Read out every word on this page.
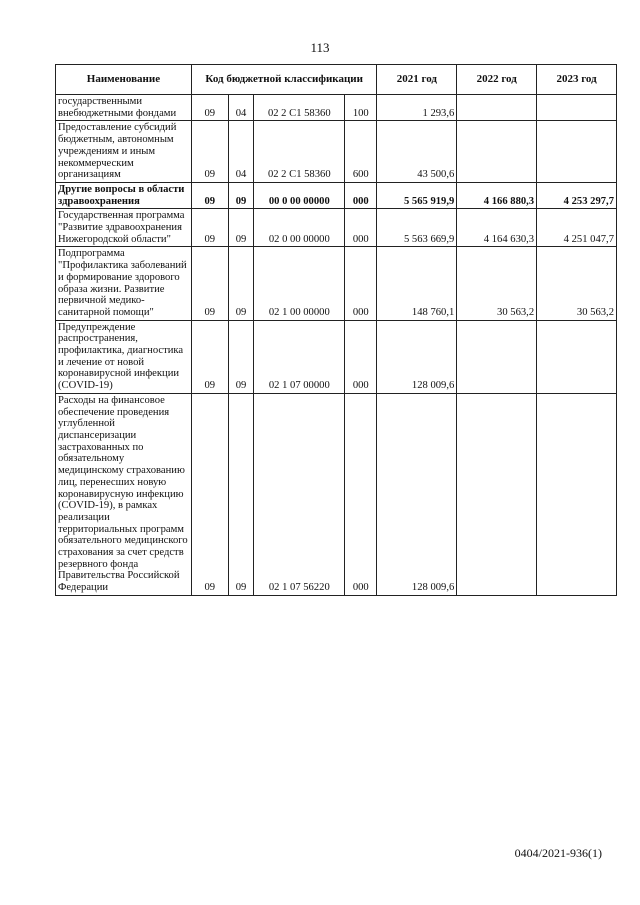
113
Наименование	Код бюджетной классификации				2021 год	2022 год	2023 год
государственными внебюджетными фондами	09	04	02 2 C1 58360	100	1 293,6		
Предоставление субсидий бюджетным, автономным учреждениям и иным некоммерческим организациям	09	04	02 2 C1 58360	600	43 500,6		
Другие вопросы в области здравоохранения	09	09	00 0 00 00000	000	5 565 919,9	4 166 880,3	4 253 297,7
Государственная программа "Развитие здравоохранения Нижегородской области"	09	09	02 0 00 00000	000	5 563 669,9	4 164 630,3	4 251 047,7
Подпрограмма "Профилактика заболеваний и формирование здорового образа жизни. Развитие первичной медико-санитарной помощи"	09	09	02 1 00 00000	000	148 760,1	30 563,2	30 563,2
Предупреждение распространения, профилактика, диагностика и лечение от новой коронавирусной инфекции (COVID-19)	09	09	02 1 07 00000	000	128 009,6		
Расходы на финансовое обеспечение проведения углубленной диспансеризации застрахованных по обязательному медицинскому страхованию лиц, перенесших новую коронавирусную инфекцию (COVID-19), в рамках реализации территориальных программ обязательного медицинского страхования за счет средств резервного фонда Правительства Российской Федерации	09	09	02 1 07 56220	000	128 009,6		
0404/2021-936(1)
